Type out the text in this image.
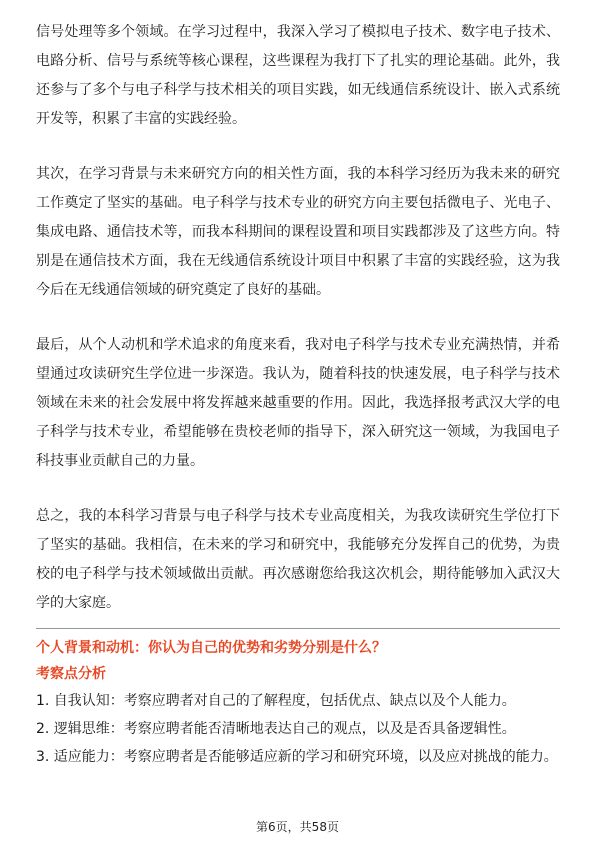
信号处理等多个领域。在学习过程中，我深入学习了模拟电子技术、数字电子技术、电路分析、信号与系统等核心课程，这些课程为我打下了扎实的理论基础。此外，我还参与了多个与电子科学与技术相关的项目实践，如无线通信系统设计、嵌入式系统开发等，积累了丰富的实践经验。

其次，在学习背景与未来研究方向的相关性方面，我的本科学习经历为我未来的研究工作奠定了坚实的基础。电子科学与技术专业的研究方向主要包括微电子、光电子、集成电路、通信技术等，而我本科期间的课程设置和项目实践都涉及了这些方向。特别是在通信技术方面，我在无线通信系统设计项目中积累了丰富的实践经验，这为我今后在无线通信领域的研究奠定了良好的基础。

最后，从个人动机和学术追求的角度来看，我对电子科学与技术专业充满热情，并希望通过攻读研究生学位进一步深造。我认为，随着科技的快速发展，电子科学与技术领域在未来的社会发展中将发挥越来越重要的作用。因此，我选择报考武汉大学的电子科学与技术专业，希望能够在贵校老师的指导下，深入研究这一领域，为我国电子科技事业贡献自己的力量。

总之，我的本科学习背景与电子科学与技术专业高度相关，为我攻读研究生学位打下了坚实的基础。我相信，在未来的学习和研究中，我能够充分发挥自己的优势，为贵校的电子科学与技术领域做出贡献。再次感谢您给我这次机会，期待能够加入武汉大学的大家庭。

个人背景和动机：你认为自己的优势和劣势分别是什么？

考察点分析

1. 自我认知：考察应聘者对自己的了解程度，包括优点、缺点以及个人能力。
2. 逻辑思维：考察应聘者能否清晰地表达自己的观点，以及是否具备逻辑性。
3. 适应能力：考察应聘者是否能够适应新的学习和研究环境，以及应对挑战的能力。
第6页，共58页
